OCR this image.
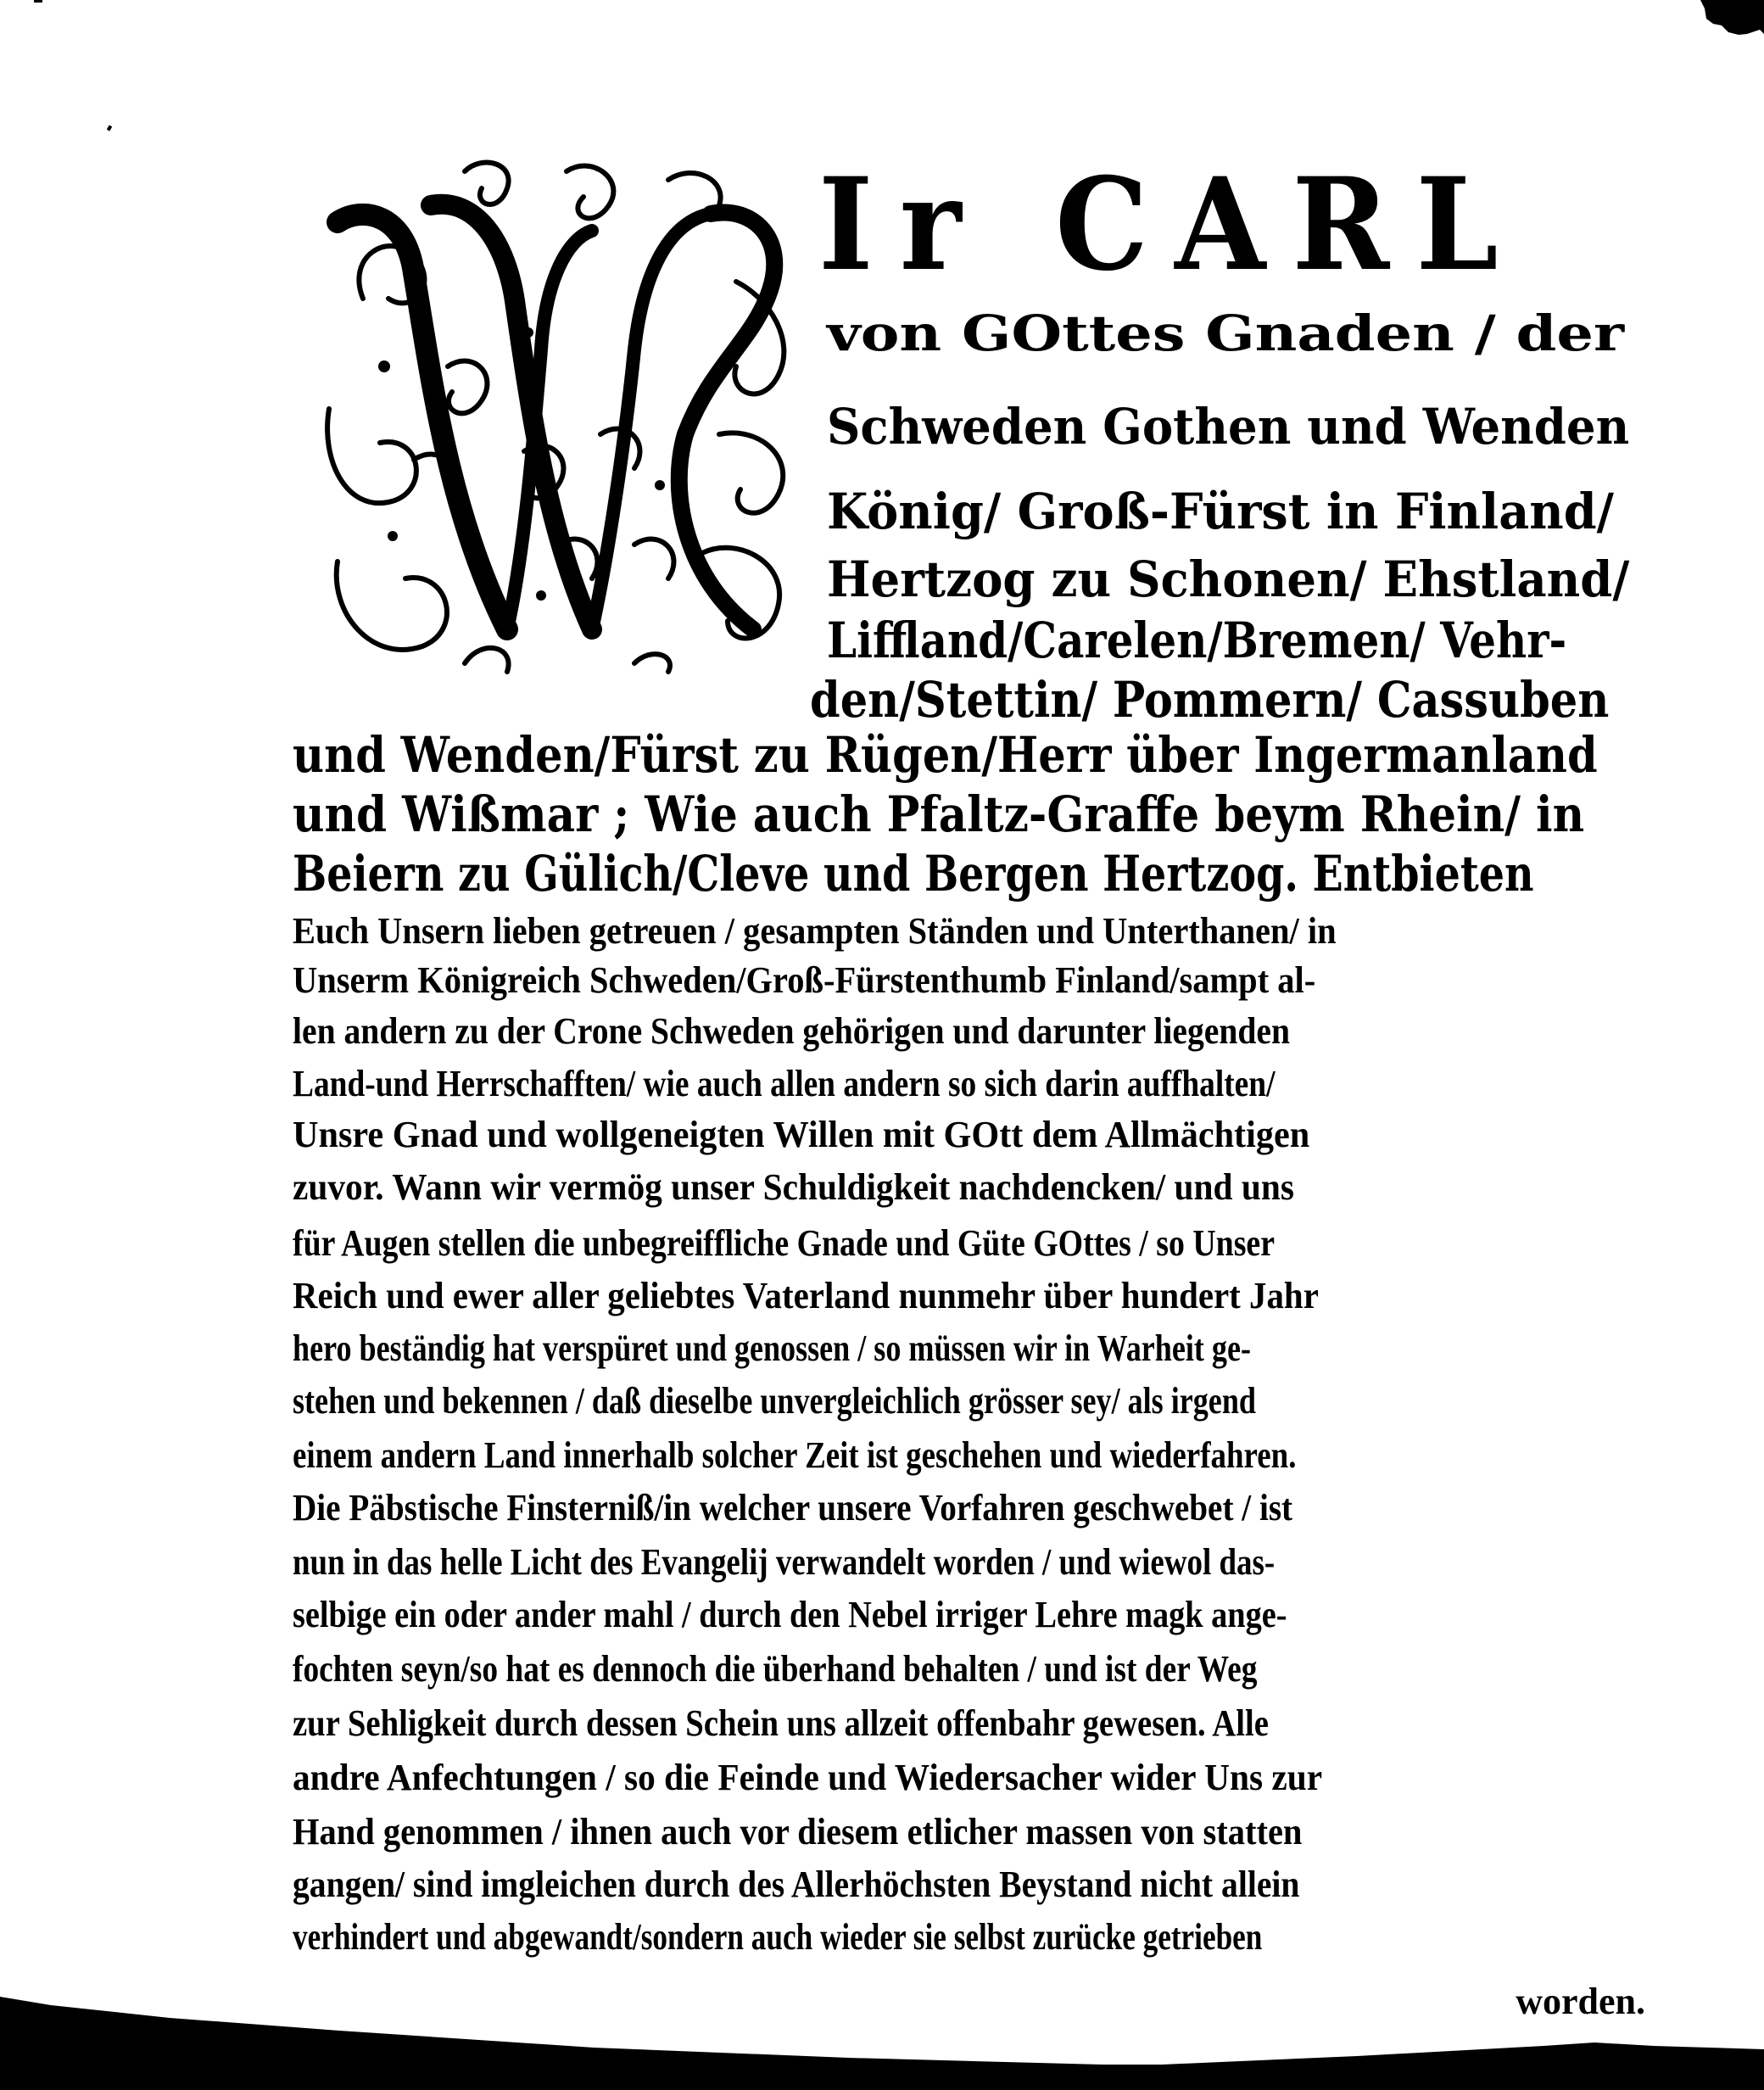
Ir CARL
von GOttes Gnaden / der
Schweden Gothen und Wenden
König/ Groß-Fürst in Finland/
Hertzog zu Schonen/ Ehstland/
Liffland/Carelen/Bremen/ Vehr-
den/Stettin/ Pommern/ Cassuben
und Wenden/Fürst zu Rügen/Herr über Ingermanland
und Wißmar ; Wie auch Pfaltz-Graffe beym Rhein/ in
Beiern zu Gülich/Cleve und Bergen Hertzog. Entbieten
Euch Unsern lieben getreuen / gesampten Ständen und Unterthanen/ in
Unserm Königreich Schweden/Groß-Fürstenthumb Finland/sampt al-
len andern zu der Crone Schweden gehörigen und darunter liegenden
Land-und Herrschafften/ wie auch allen andern so sich darin auffhalten/
Unsre Gnad und wollgeneigten Willen mit GOtt dem Allmächtigen
zuvor. Wann wir vermög unser Schuldigkeit nachdencken/ und uns
für Augen stellen die unbegreiffliche Gnade und Güte GOttes / so Unser
Reich und ewer aller geliebtes Vaterland nunmehr über hundert Jahr
hero beständig hat verspüret und genossen / so müssen wir in Warheit ge-
stehen und bekennen / daß dieselbe unvergleichlich grösser sey/ als irgend
einem andern Land innerhalb solcher Zeit ist geschehen und wiederfahren.
Die Päbstische Finsterniß/in welcher unsere Vorfahren geschwebet / ist
nun in das helle Licht des Evangelij verwandelt worden / und wiewol das-
selbige ein oder ander mahl / durch den Nebel irriger Lehre magk ange-
fochten seyn/so hat es dennoch die überhand behalten / und ist der Weg
zur Sehligkeit durch dessen Schein uns allzeit offenbahr gewesen. Alle
andre Anfechtungen / so die Feinde und Wiedersacher wider Uns zur
Hand genommen / ihnen auch vor diesem etlicher massen von statten
gangen/ sind imgleichen durch des Allerhöchsten Beystand nicht allein
verhindert und abgewandt/sondern auch wieder sie selbst zurücke getrieben
worden.
